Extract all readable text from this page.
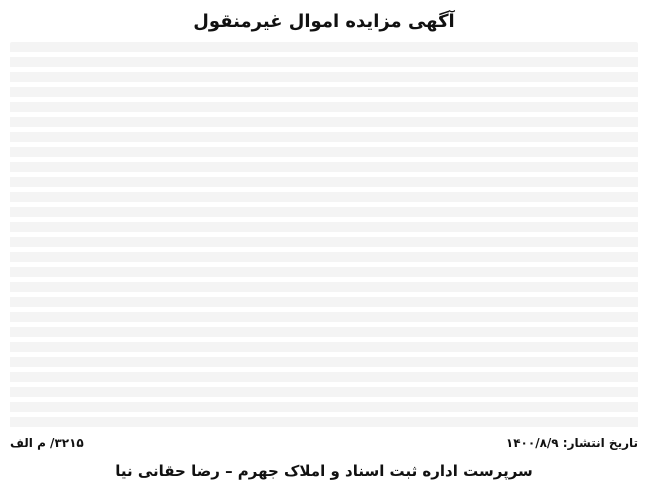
آگهی مزایده اموال غیرمنقول
تاریخ انتشار: ۱۴۰۰/۸/۹
۳۲۱۵/ م الف
سرپرست اداره ثبت اسناد و املاک جهرم – رضا حقانی نیا
